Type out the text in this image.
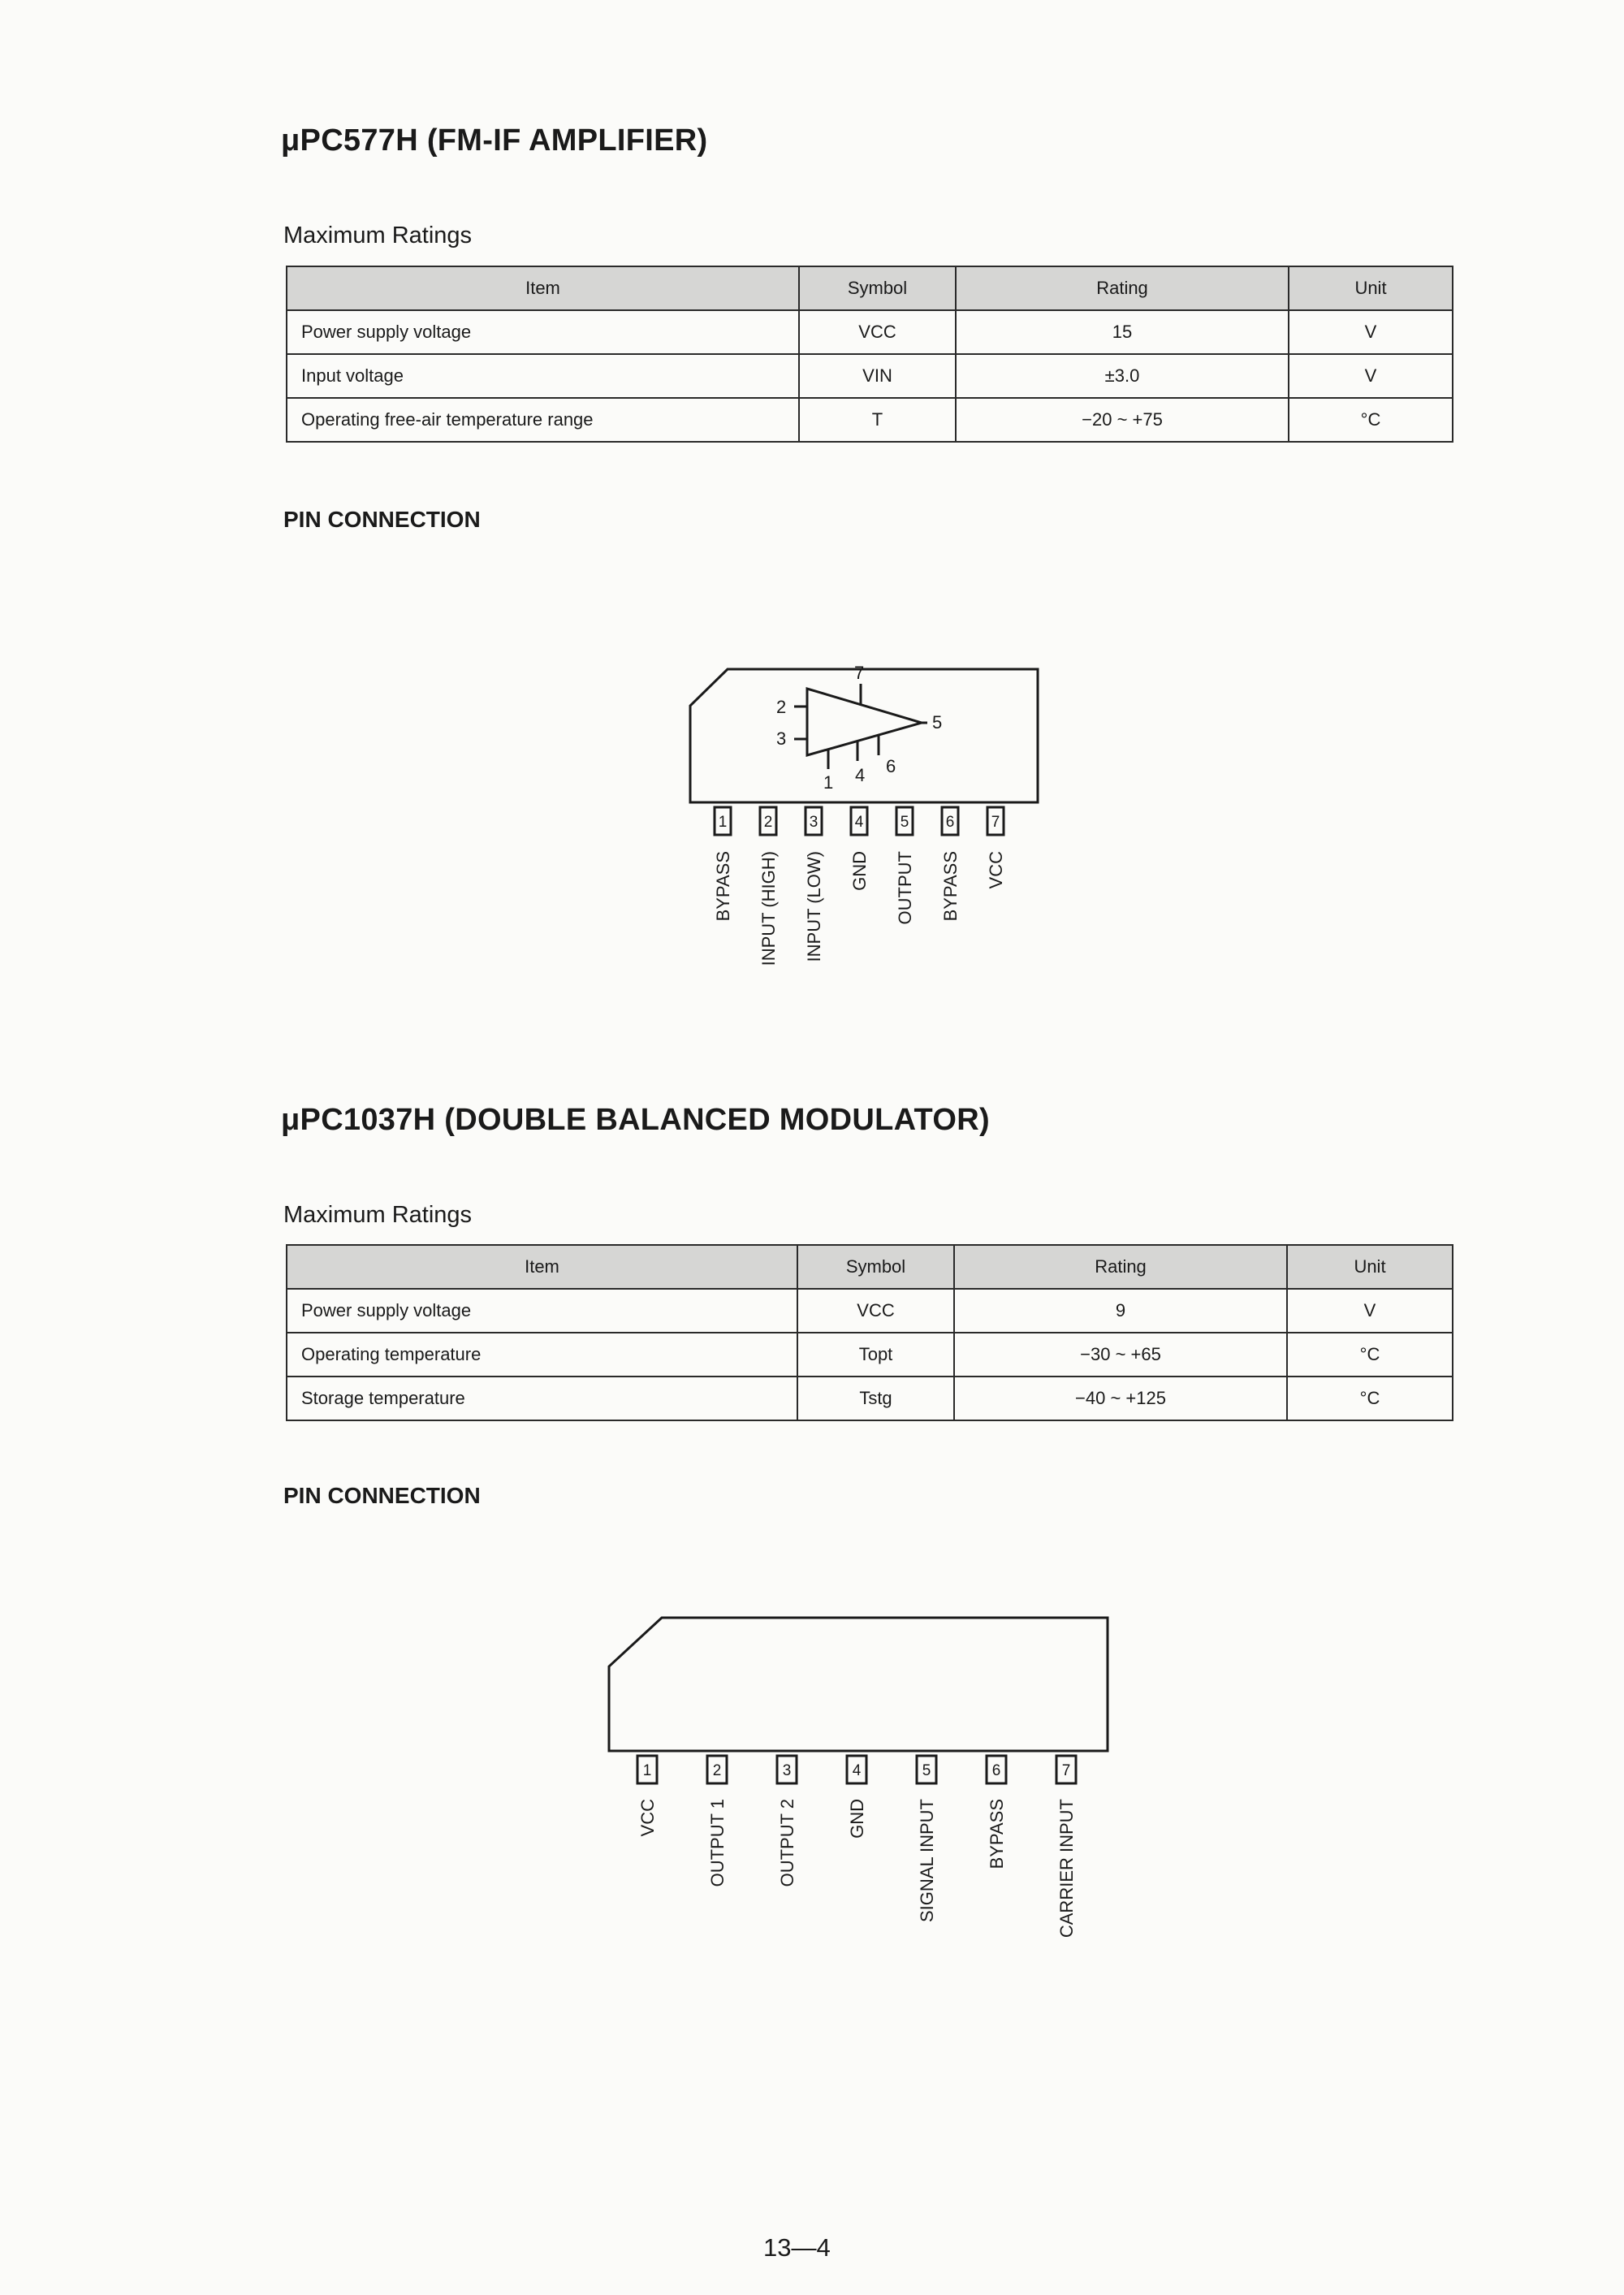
μPC577H (FM-IF AMPLIFIER)
Maximum Ratings
Item	Symbol	Rating	Unit
Power supply voltage	VCC	15	V
Input voltage	VIN	±3.0	V
Operating free-air temperature range	T	−20 ~ +75	°C
PIN CONNECTION
7
2
3
5
1 4 6
1 2 3 4 5 6 7
BYPASS INPUT (HIGH) INPUT (LOW) GND OUTPUT BYPASS VCC
μPC1037H (DOUBLE BALANCED MODULATOR)
Maximum Ratings
Item	Symbol	Rating	Unit
Power supply voltage	VCC	9	V
Operating temperature	Topt	−30 ~ +65	°C
Storage temperature	Tstg	−40 ~ +125	°C
PIN CONNECTION
1	2	3	4	5	6	7
VCC	OUTPUT 1	OUTPUT 2	GND	SIGNAL INPUT	BYPASS	CARRIER INPUT

13—4
